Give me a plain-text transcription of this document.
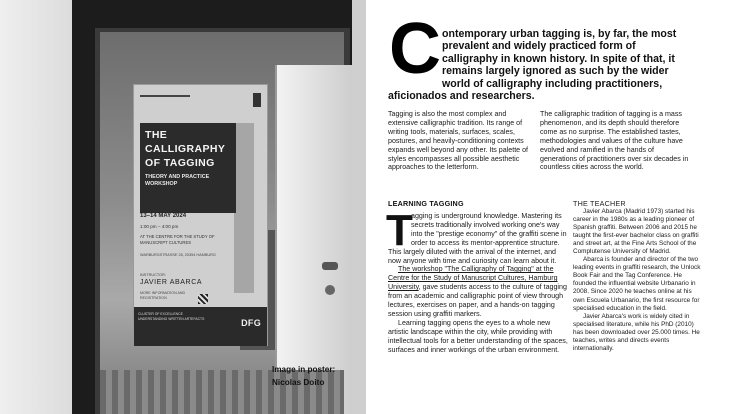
THE CALLIGRAPHY OF TAGGING
THEORY AND PRACTICE WORKSHOP
13–14 MAY 2024
1:00 pm – 4:00 pm
AT THE CENTRE FOR THE STUDY OF MANUSCRIPT CULTURES
WARBURGSTRASSE 26, 20354 HAMBURG
INSTRUCTOR:
JAVIER ABARCA
MORE INFORMATION AND REGISTRATION
CLUSTER OF EXCELLENCE UNDERSTANDING WRITTEN ARTEFACTS	DFG
Image in poster:
Nicolas Doito
C ontemporary urban tagging is, by far, the most prevalent and widely practiced form of calligraphy in known history. In spite of that, it remains largely ignored as such by the wider world of calligraphy including practitioners, aficionados and researchers.
Tagging is also the most complex and extensive calligraphic tradition. Its range of writing tools, materials, surfaces, scales, postures, and heavily-conditioning contexts expands well beyond any other. Its palette of styles encompasses all possible aesthetic approaches to the letterform.
The calligraphic tradition of tagging is a mass phenomenon, and its depth should therefore come as no surprise. The established tastes, methodologies and values of the culture have evolved and ramified in the hands of generations of practitioners over six decades in countless cities across the world.
LEARNING TAGGING
T

agging is underground knowledge. Mastering its secrets traditionally involved working one's way into the "prestige economy" of the graffiti scene in order to access its mentor-apprentice structure. This largely diluted with the arrival of the internet, and now anyone with time and curiosity can learn about it.

The workshop "The Calligraphy of Tagging" at the Centre for the Study of Manuscript Cultures, Hamburg University, gave students access to the culture of tagging from an academic and calligraphic point of view through lectures, exercises on paper, and a hands-on tagging session using graffiti markers.

Learning tagging opens the eyes to a whole new artistic landscape within the city, while providing with intellectual tools for a better understanding of the spaces, surfaces and inner workings of the urban environment.

THE TEACHER

Javier Abarca (Madrid 1973) started his career in the 1980s as a leading pioneer of Spanish graffiti. Between 2006 and 2015 he taught the first-ever bachelor class on graffiti and street art, at the Fine Arts School of the Complutense University of Madrid.

Abarca is founder and director of the two leading events in graffiti research, the Unlock Book Fair and the Tag Conference. He founded the influential website Urbanario in 2008. Since 2020 he teaches online at his own Escuela Urbanario, the first resource for specialised education in the field.

Javier Abarca's work is widely cited in specialised literature, while his PhD (2010) has been downloaded over 25.000 times. He teaches, writes and directs events internationally.
